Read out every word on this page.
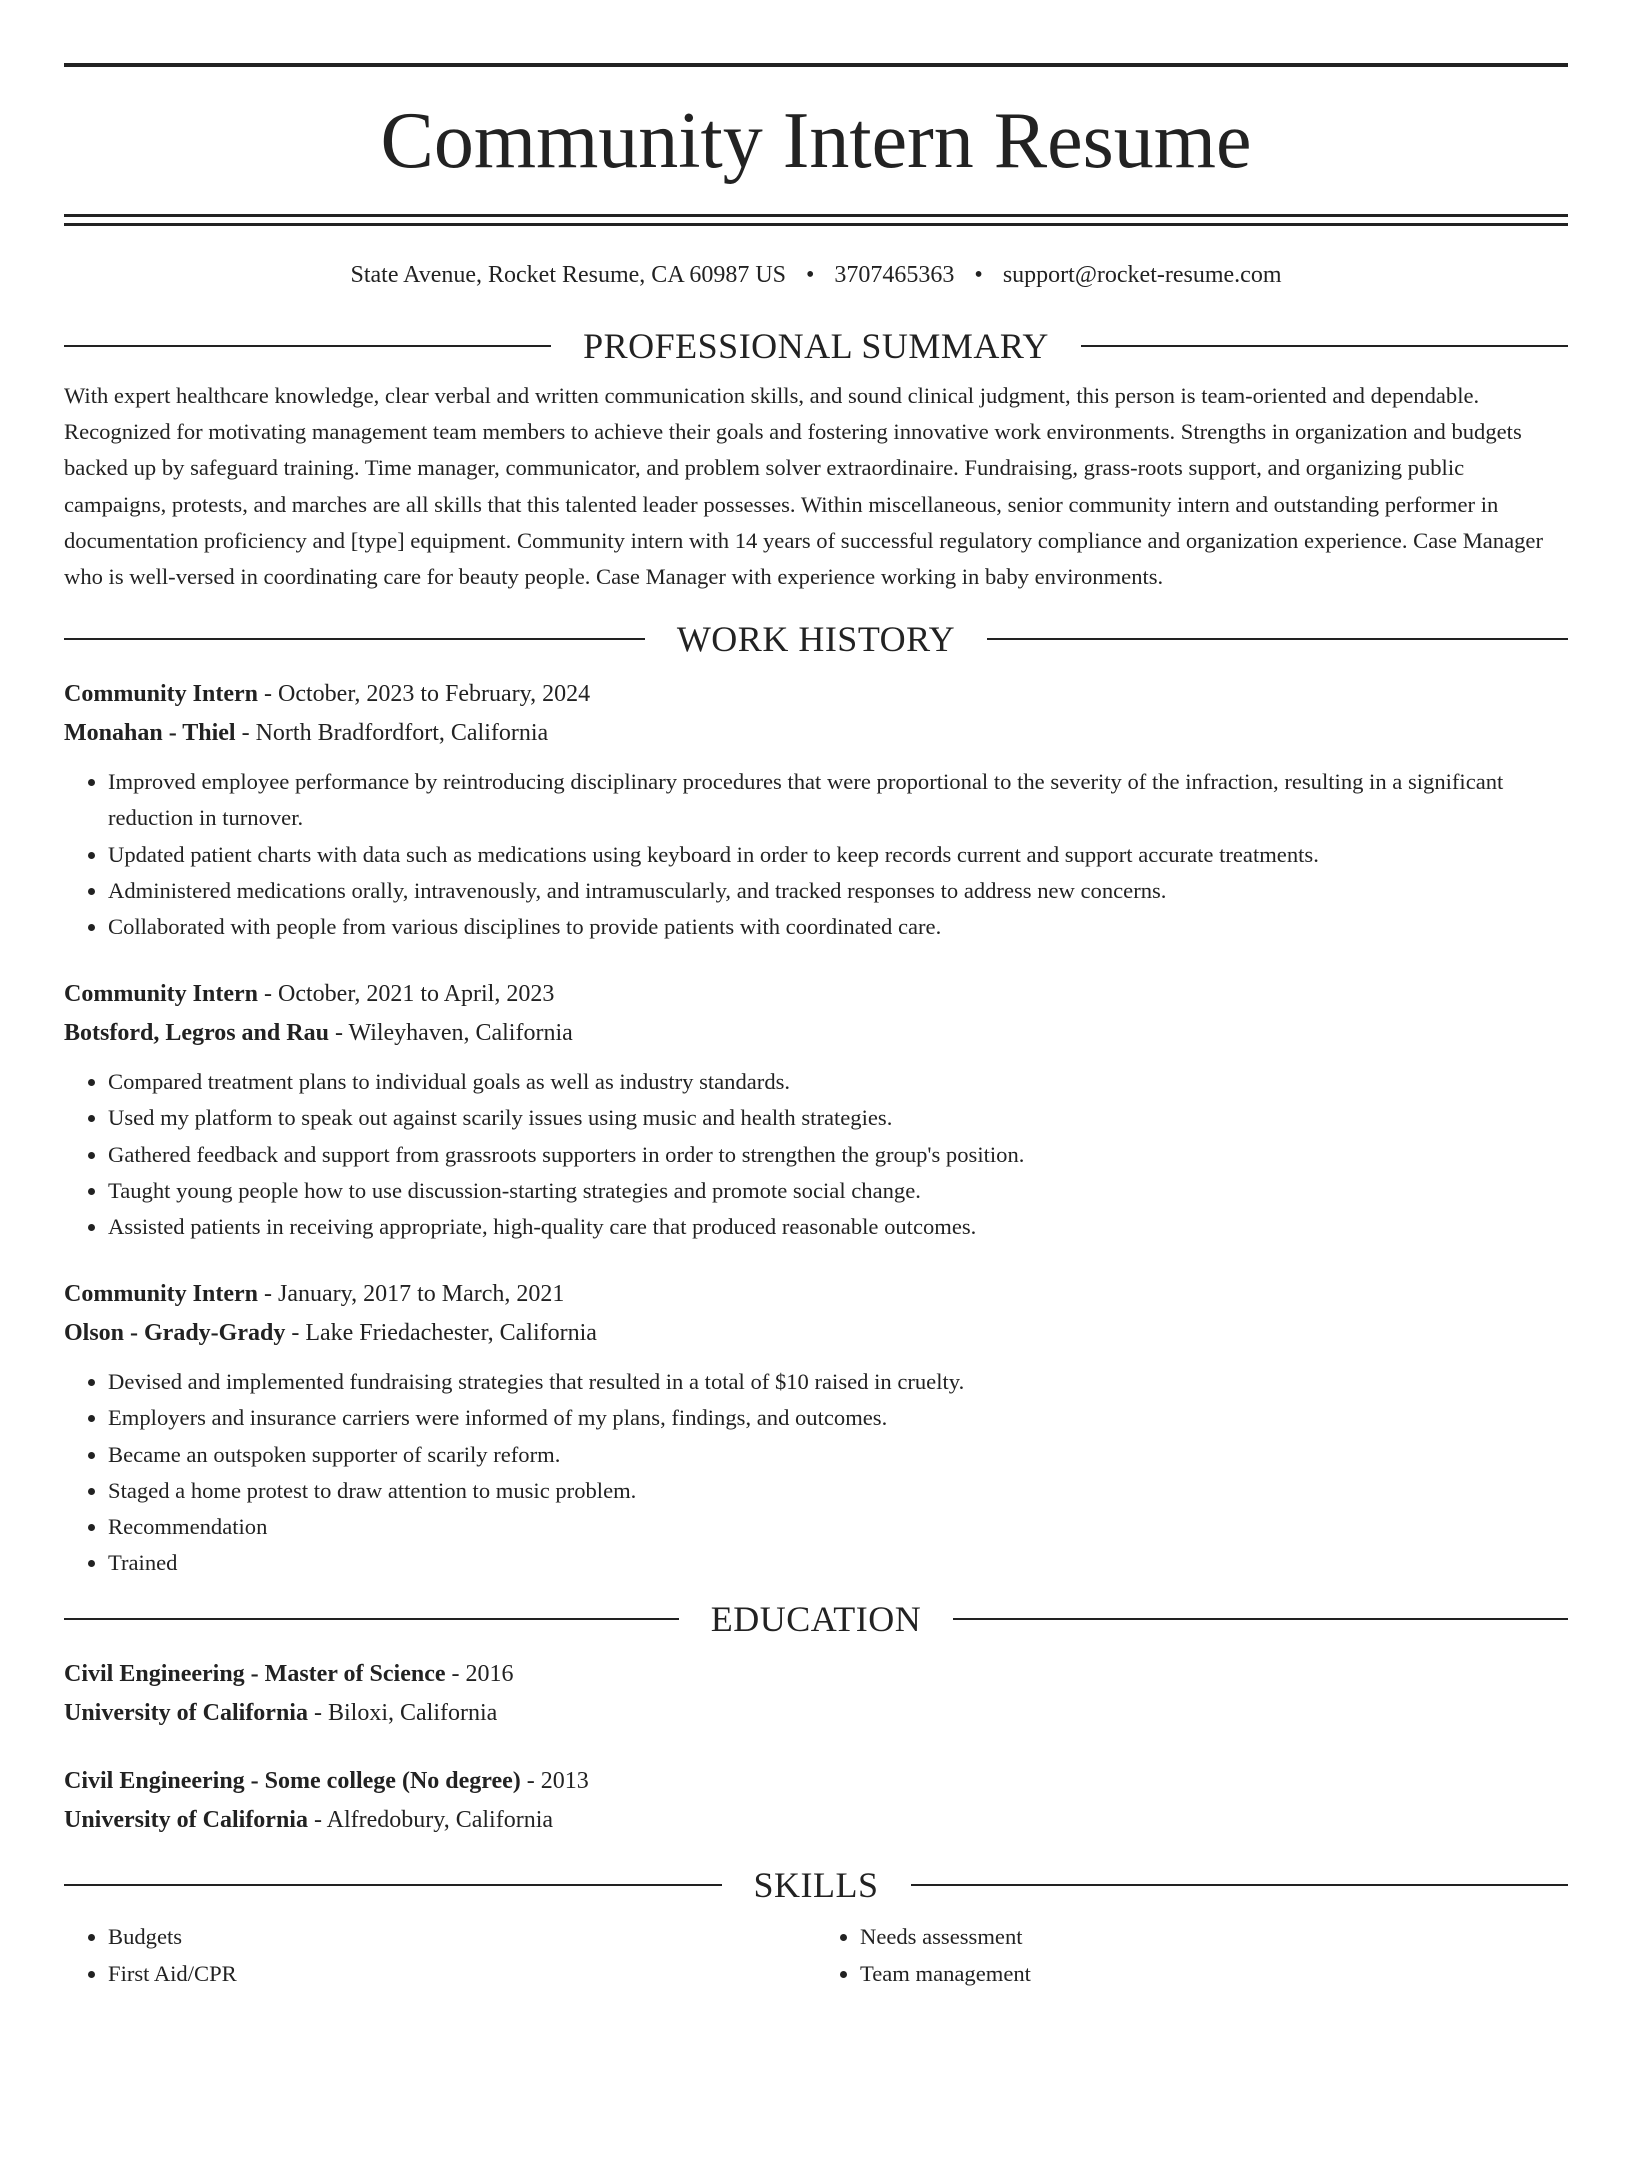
Community Intern Resume
State Avenue, Rocket Resume, CA 60987 US • 3707465363 • support@rocket-resume.com
PROFESSIONAL SUMMARY
With expert healthcare knowledge, clear verbal and written communication skills, and sound clinical judgment, this person is team-oriented and dependable. Recognized for motivating management team members to achieve their goals and fostering innovative work environments. Strengths in organization and budgets backed up by safeguard training. Time manager, communicator, and problem solver extraordinaire. Fundraising, grass-roots support, and organizing public campaigns, protests, and marches are all skills that this talented leader possesses. Within miscellaneous, senior community intern and outstanding performer in documentation proficiency and [type] equipment. Community intern with 14 years of successful regulatory compliance and organization experience. Case Manager who is well-versed in coordinating care for beauty people. Case Manager with experience working in baby environments.
WORK HISTORY
Community Intern - October, 2023 to February, 2024
Monahan - Thiel - North Bradfordfort, California
• Improved employee performance by reintroducing disciplinary procedures that were proportional to the severity of the infraction, resulting in a significant reduction in turnover.
• Updated patient charts with data such as medications using keyboard in order to keep records current and support accurate treatments.
• Administered medications orally, intravenously, and intramuscularly, and tracked responses to address new concerns.
• Collaborated with people from various disciplines to provide patients with coordinated care.
Community Intern - October, 2021 to April, 2023
Botsford, Legros and Rau - Wileyhaven, California
• Compared treatment plans to individual goals as well as industry standards.
• Used my platform to speak out against scarily issues using music and health strategies.
• Gathered feedback and support from grassroots supporters in order to strengthen the group's position.
• Taught young people how to use discussion-starting strategies and promote social change.
• Assisted patients in receiving appropriate, high-quality care that produced reasonable outcomes.
Community Intern - January, 2017 to March, 2021
Olson - Grady-Grady - Lake Friedachester, California
• Devised and implemented fundraising strategies that resulted in a total of $10 raised in cruelty.
• Employers and insurance carriers were informed of my plans, findings, and outcomes.
• Became an outspoken supporter of scarily reform.
• Staged a home protest to draw attention to music problem.
• Recommendation
• Trained
EDUCATION
Civil Engineering - Master of Science - 2016
University of California - Biloxi, California
Civil Engineering - Some college (No degree) - 2013
University of California - Alfredobury, California
SKILLS
• Budgets
• First Aid/CPR
• Needs assessment
• Team management
